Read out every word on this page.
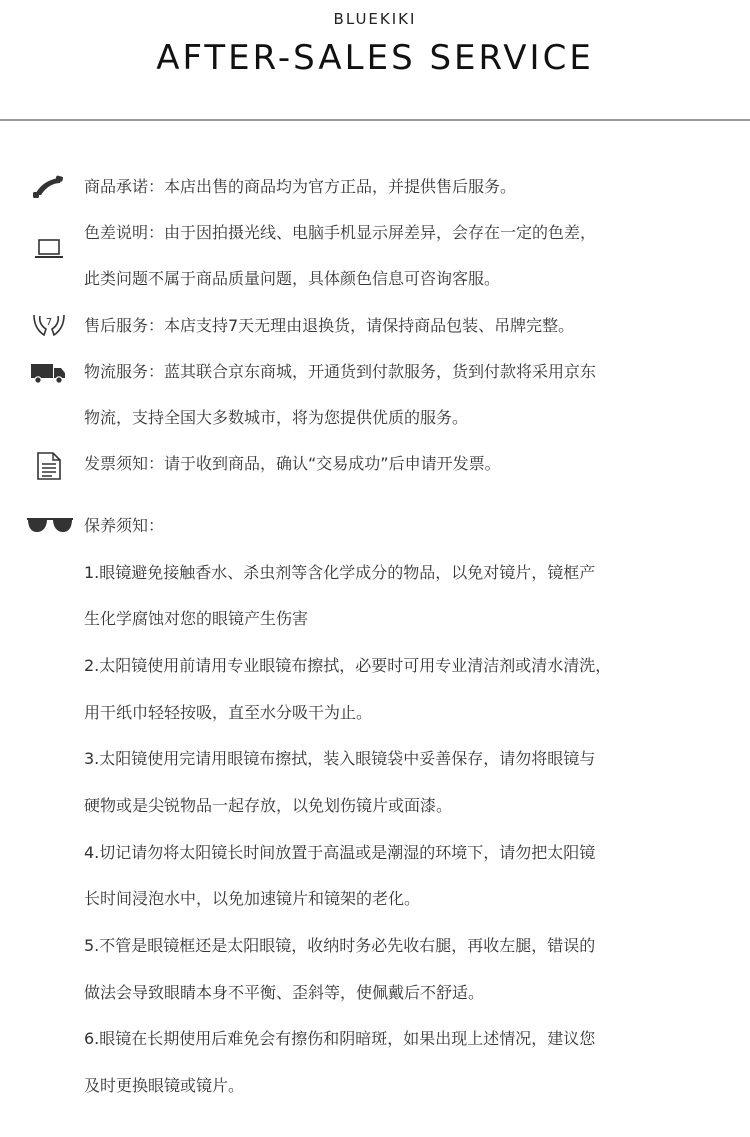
BLUEKIKI
AFTER-SALES SERVICE
商品承诺：本店出售的商品均为官方正品，并提供售后服务。
色差说明：由于因拍摄光线、电脑手机显示屏差异，会存在一定的色差，
此类问题不属于商品质量问题，具体颜色信息可咨询客服。
7 售后服务：本店支持7天无理由退换货，请保持商品包装、吊牌完整。
物流服务：蓝其联合京东商城，开通货到付款服务，货到付款将采用京东
物流，支持全国大多数城市，将为您提供优质的服务。
发票须知：请于收到商品，确认“交易成功”后申请开发票。
保养须知：
1.眼镜避免接触香水、杀虫剂等含化学成分的物品，以免对镜片，镜框产
生化学腐蚀对您的眼镜产生伤害
2.太阳镜使用前请用专业眼镜布擦拭，必要时可用专业清洁剂或清水清洗，
用干纸巾轻轻按吸，直至水分吸干为止。
3.太阳镜使用完请用眼镜布擦拭，装入眼镜袋中妥善保存，请勿将眼镜与
硬物或是尖锐物品一起存放，以免划伤镜片或面漆。
4.切记请勿将太阳镜长时间放置于高温或是潮湿的环境下，请勿把太阳镜
长时间浸泡水中，以免加速镜片和镜架的老化。
5.不管是眼镜框还是太阳眼镜，收纳时务必先收右腿，再收左腿，错误的
做法会导致眼睛本身不平衡、歪斜等，使佩戴后不舒适。
6.眼镜在长期使用后难免会有擦伤和阴暗斑，如果出现上述情况，建议您
及时更换眼镜或镜片。
